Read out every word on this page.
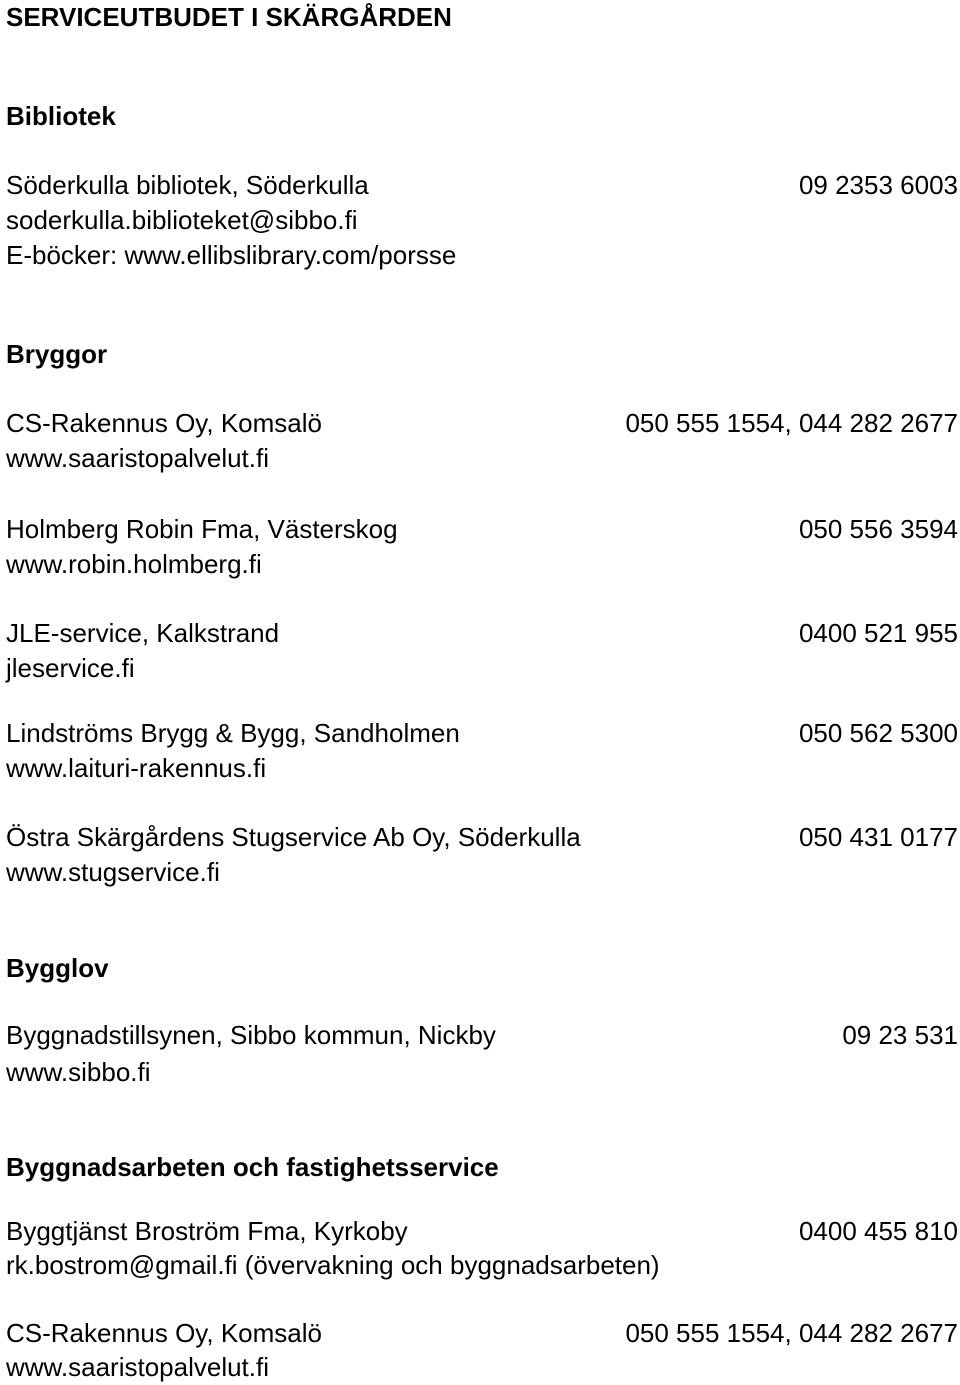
SERVICEUTBUDET I SKÄRGÅRDEN
Bibliotek
Söderkulla bibliotek, Söderkulla	09 2353 6003
soderkulla.biblioteket@sibbo.fi
E-böcker: www.ellibslibrary.com/porsse
Bryggor
CS-Rakennus Oy, Komsalö	050 555 1554, 044 282 2677
www.saaristopalvelut.fi
Holmberg Robin Fma, Västerskog	050 556 3594
www.robin.holmberg.fi
JLE-service, Kalkstrand	0400 521 955
jleservice.fi
Lindströms Brygg & Bygg, Sandholmen	050 562 5300
www.laituri-rakennus.fi
Östra Skärgårdens Stugservice Ab Oy, Söderkulla	050 431 0177
www.stugservice.fi
Bygglov
Byggnadstillsynen, Sibbo kommun, Nickby	09 23 531
www.sibbo.fi
Byggnadsarbeten och fastighetsservice
Byggtjänst Broström Fma, Kyrkoby	0400 455 810
rk.bostrom@gmail.fi (övervakning och byggnadsarbeten)
CS-Rakennus Oy, Komsalö	050 555 1554, 044 282 2677
www.saaristopalvelut.fi
